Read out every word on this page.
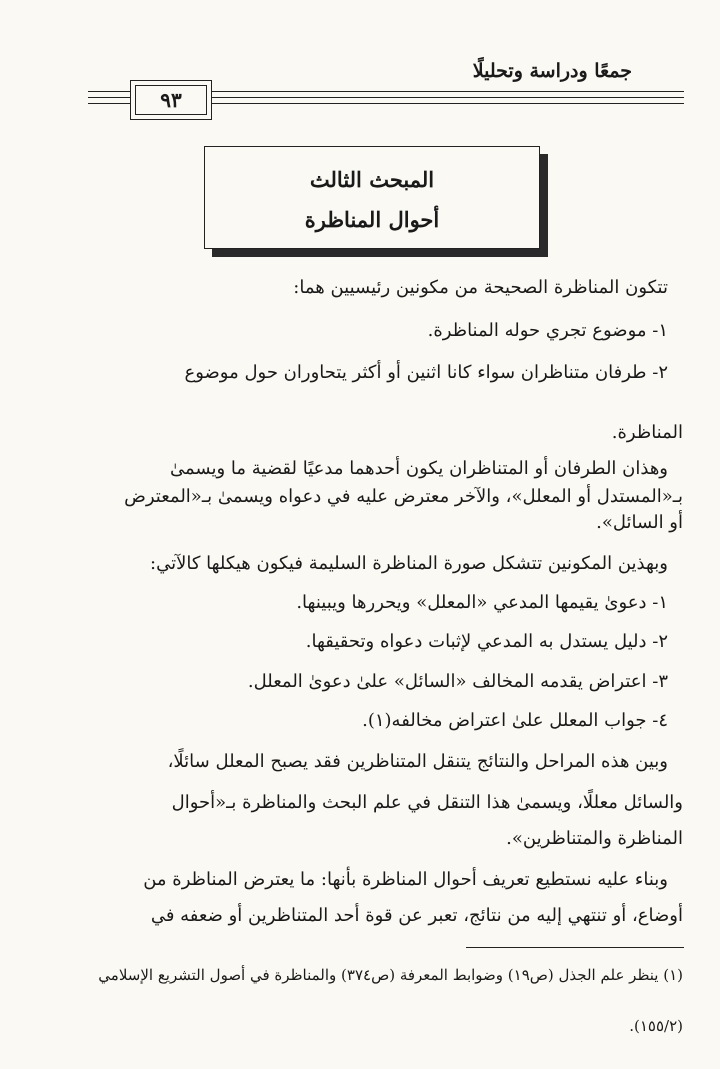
جمعًا ودراسة وتحليلًا
٩٣
المبحث الثالث
أحوال المناظرة
تتكون المناظرة الصحيحة من مكونين رئيسيين هما:
١- موضوع تجري حوله المناظرة.
٢- طرفان متناظران سواء كانا اثنين أو أكثر يتحاوران حول موضوع
المناظرة.
وهذان الطرفان أو المتناظران يكون أحدهما مدعيًا لقضية ما ويسمىٰ
بـ«المستدل أو المعلل»، والآخر معترض عليه في دعواه ويسمىٰ بـ«المعترض
أو السائل».
وبهذين المكونين تتشكل صورة المناظرة السليمة فيكون هيكلها كالآتي:
١- دعوىٰ يقيمها المدعي «المعلل» ويحررها ويبينها.
٢- دليل يستدل به المدعي لإثبات دعواه وتحقيقها.
٣- اعتراض يقدمه المخالف «السائل» علىٰ دعوىٰ المعلل.
٤- جواب المعلل علىٰ اعتراض مخالفه(١).
وبين هذه المراحل والنتائج يتنقل المتناظرين فقد يصبح المعلل سائلًا،
والسائل معللًا، ويسمىٰ هذا التنقل في علم البحث والمناظرة بـ«أحوال
المناظرة والمتناظرين».
وبناء عليه نستطيع تعريف أحوال المناظرة بأنها: ما يعترض المناظرة من
أوضاع، أو تنتهي إليه من نتائج، تعبر عن قوة أحد المتناظرين أو ضعفه في
(١) ينظر علم الجذل (ص١٩) وضوابط المعرفة (ص٣٧٤) والمناظرة في أصول التشريع الإسلامي
(١٥٥/٢).
